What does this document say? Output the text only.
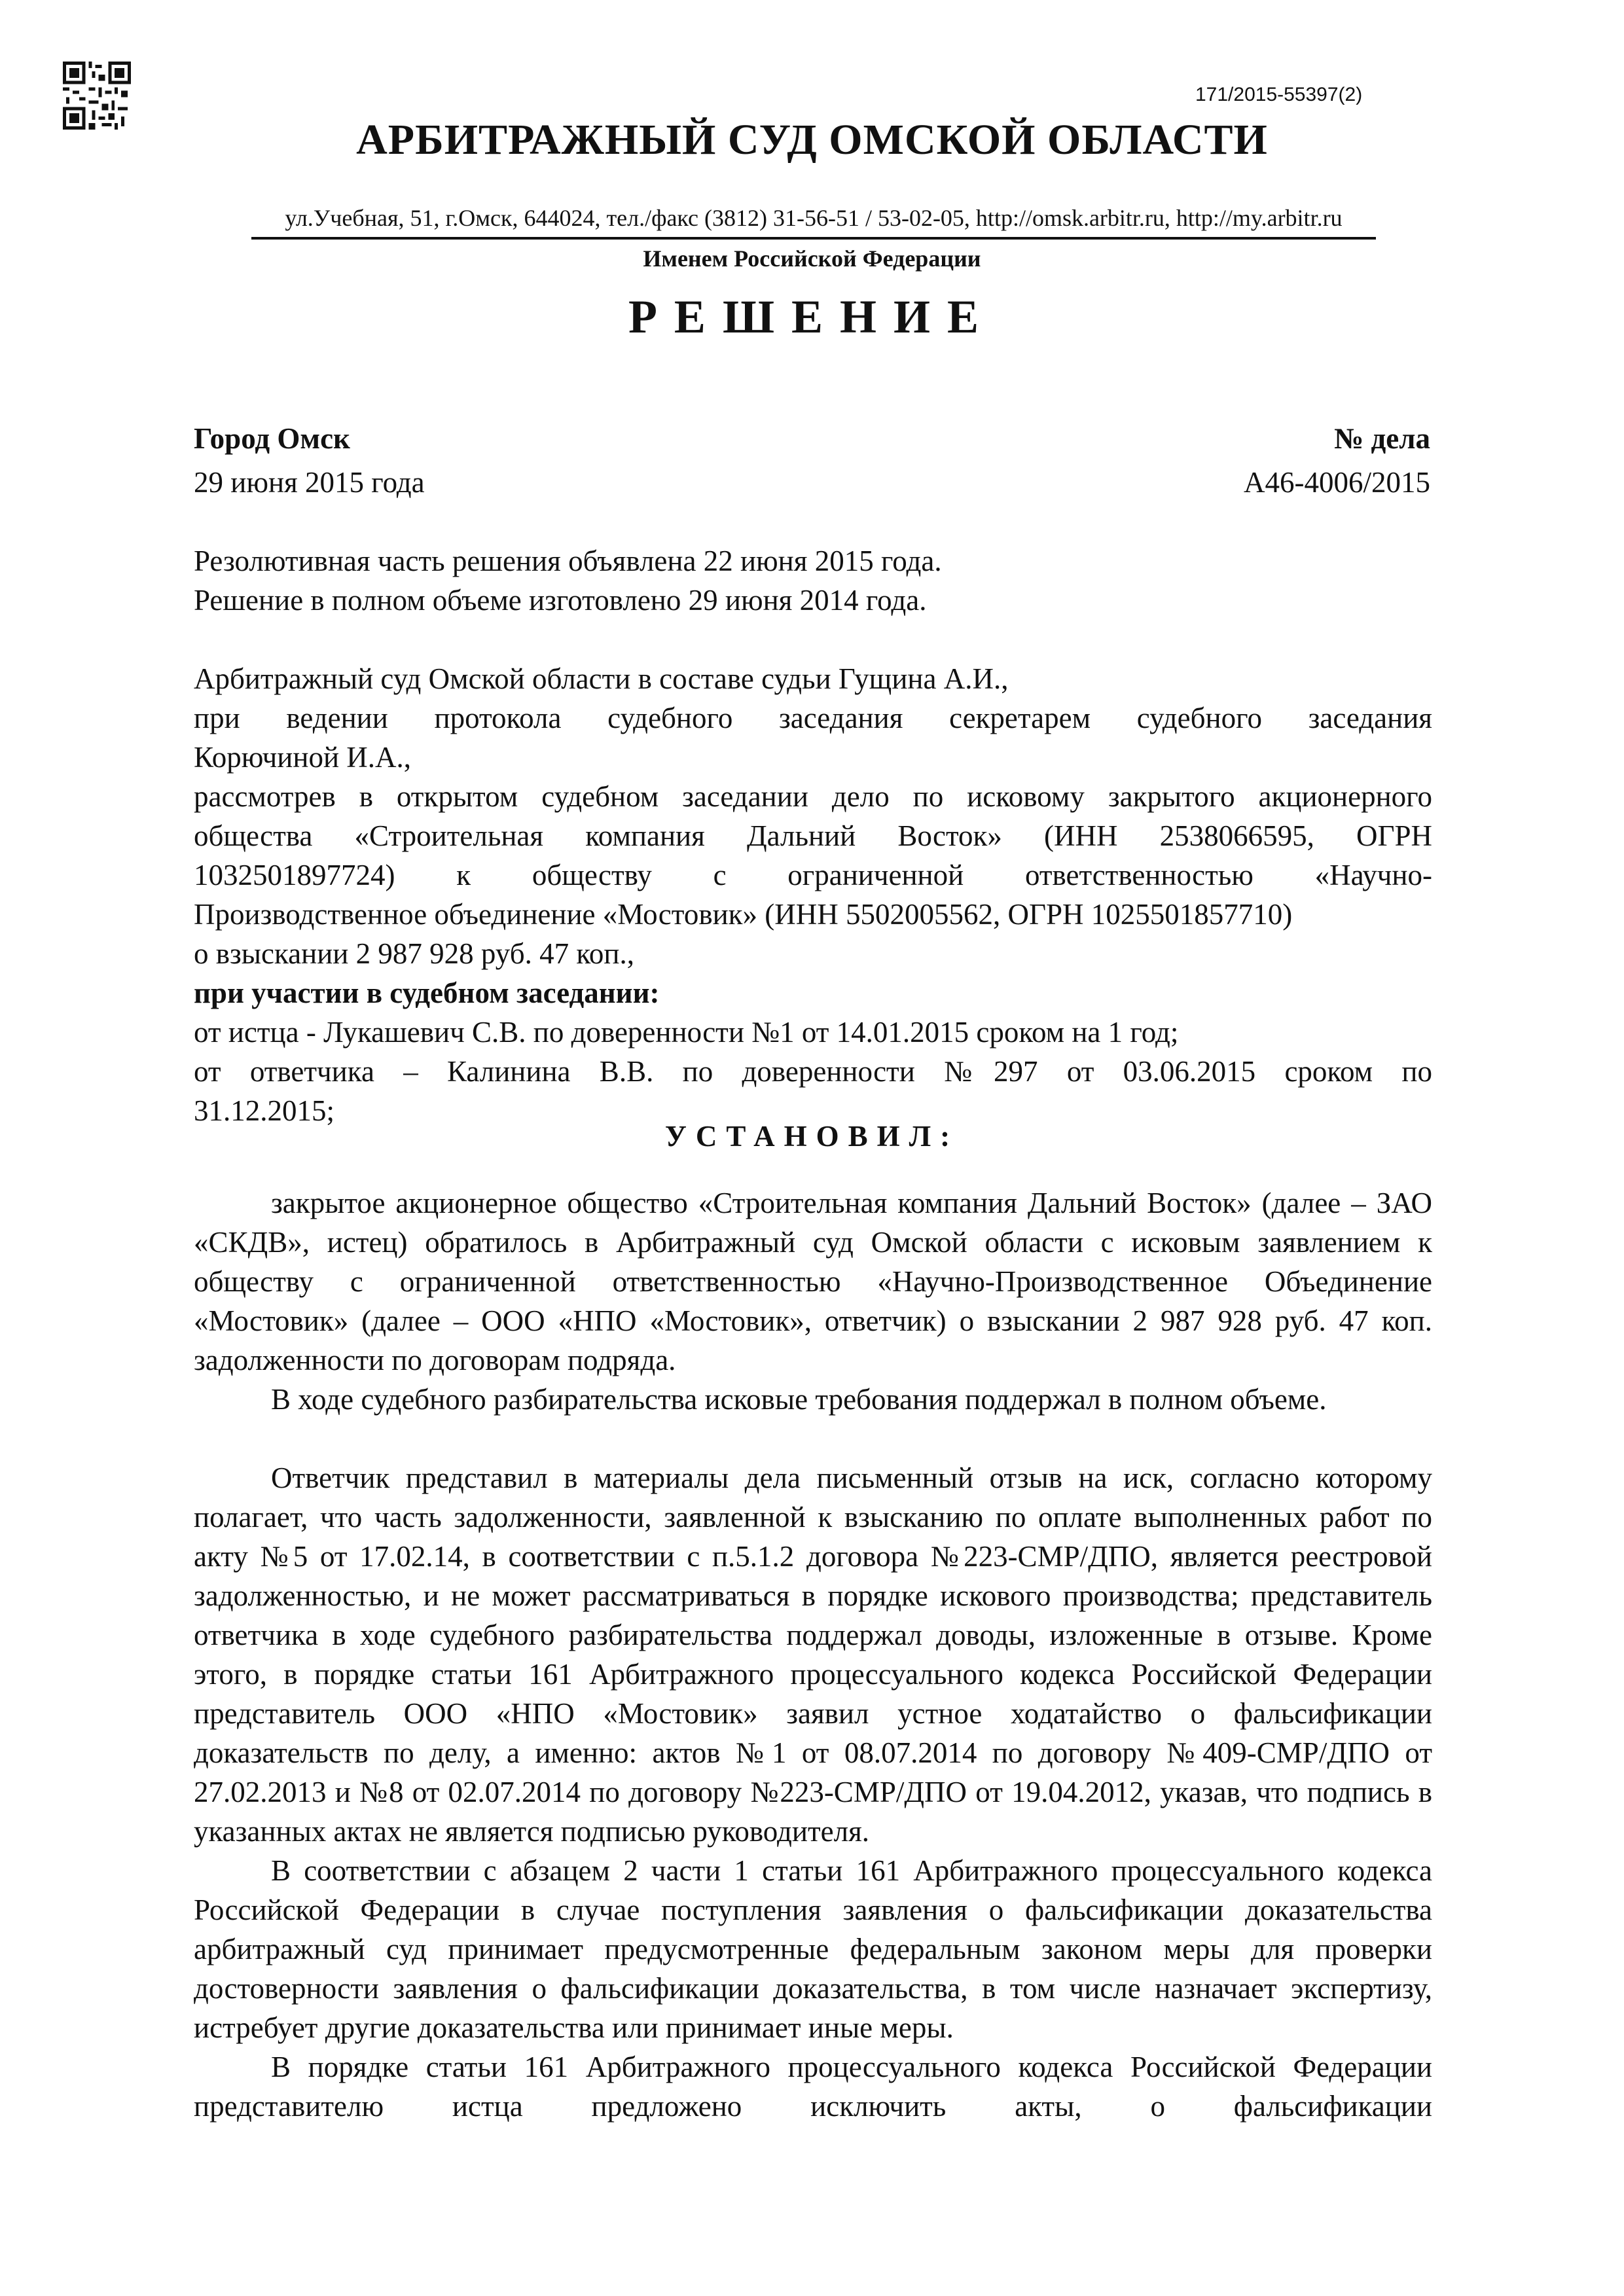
171/2015-55397(2)
АРБИТРАЖНЫЙ СУД ОМСКОЙ ОБЛАСТИ
ул.Учебная, 51, г.Омск, 644024, тел./факс (3812) 31-56-51 / 53-02-05, http://omsk.arbitr.ru, http://my.arbitr.ru
Именем Российской Федерации
РЕШЕНИЕ
Город Омск
29 июня 2015 года
№ дела
А46-4006/2015
Резолютивная часть решения объявлена 22 июня 2015 года.
Решение в полном объеме изготовлено 29 июня 2014 года.
Арбитражный суд Омской области в составе судьи Гущина А.И.,
при ведении протокола судебного заседания секретарем судебного заседания
Корючиной И.А.,
рассмотрев в открытом судебном заседании дело по исковому закрытого акционерного
общества «Строительная компания Дальний Восток» (ИНН 2538066595, ОГРН
1032501897724) к обществу с ограниченной ответственностью «Научно-
Производственное объединение «Мостовик» (ИНН 5502005562, ОГРН 1025501857710)
о взыскании 2 987 928 руб. 47 коп.,
при участии в судебном заседании:
от истца - Лукашевич С.В. по доверенности №1 от 14.01.2015 сроком на 1 год;
от ответчика – Калинина В.В. по доверенности №297 от 03.06.2015 сроком по
31.12.2015;
УСТАНОВИЛ:
закрытое акционерное общество «Строительная компания Дальний Восток» (далее – ЗАО «СКДВ», истец) обратилось в Арбитражный суд Омской области с исковым заявлением к обществу с ограниченной ответственностью «Научно-Производственное Объединение «Мостовик» (далее – ООО «НПО «Мостовик», ответчик) о взыскании 2 987 928 руб. 47 коп. задолженности по договорам подряда.
В ходе судебного разбирательства исковые требования поддержал в полном объеме.
Ответчик представил в материалы дела письменный отзыв на иск, согласно которому полагает, что часть задолженности, заявленной к взысканию по оплате выполненных работ по акту №5 от 17.02.14, в соответствии с п.5.1.2 договора №223-СМР/ДПО, является реестровой задолженностью, и не может рассматриваться в порядке искового производства; представитель ответчика в ходе судебного разбирательства поддержал доводы, изложенные в отзыве. Кроме этого, в порядке статьи 161 Арбитражного процессуального кодекса Российской Федерации представитель ООО «НПО «Мостовик» заявил устное ходатайство о фальсификации доказательств по делу, а именно: актов №1 от 08.07.2014 по договору №409-СМР/ДПО от 27.02.2013 и №8 от 02.07.2014 по договору №223-СМР/ДПО от 19.04.2012, указав, что подпись в указанных актах не является подписью руководителя.
В соответствии с абзацем 2 части 1 статьи 161 Арбитражного процессуального кодекса Российской Федерации в случае поступления заявления о фальсификации доказательства арбитражный суд принимает предусмотренные федеральным законом меры для проверки достоверности заявления о фальсификации доказательства, в том числе назначает экспертизу, истребует другие доказательства или принимает иные меры.
В порядке статьи 161 Арбитражного процессуального кодекса Российской Федерации представителю истца предложено исключить акты, о фальсификации
